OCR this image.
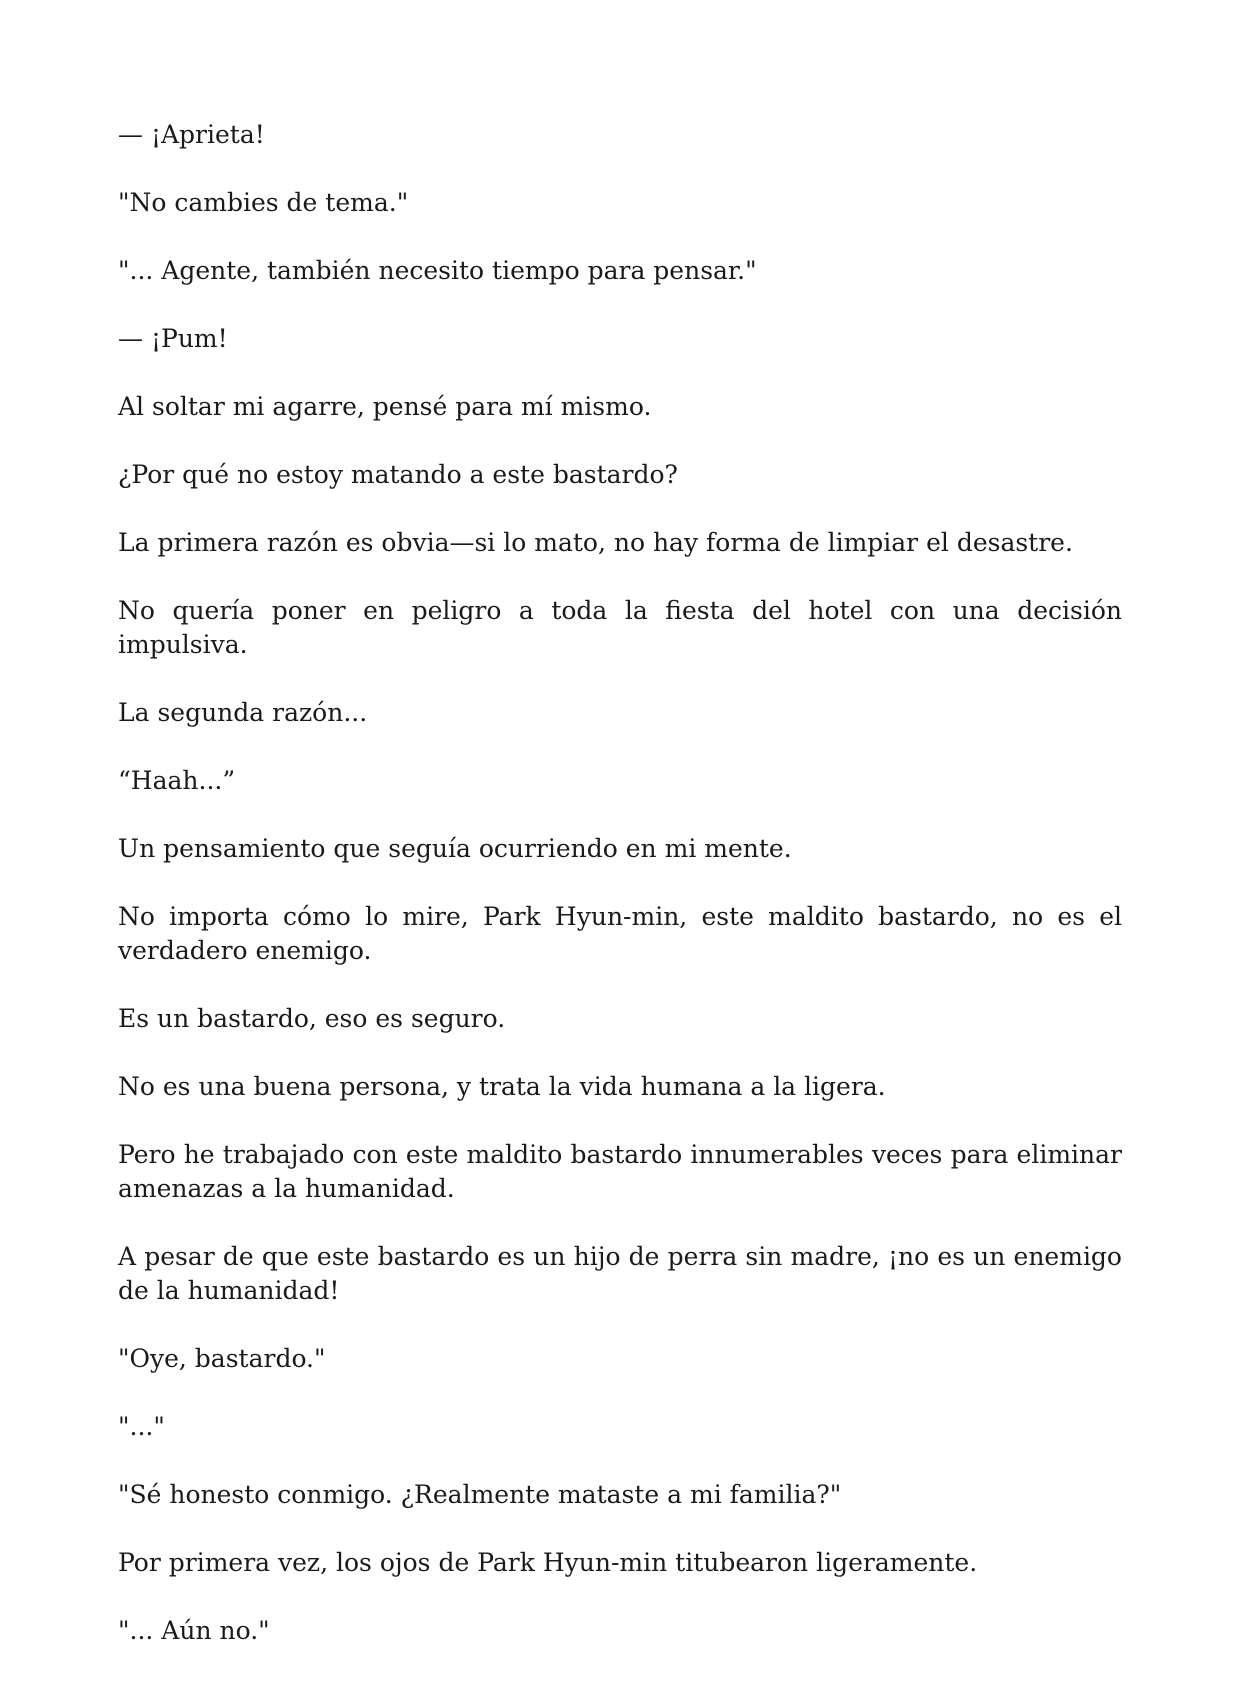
— ¡Aprieta!

"No cambies de tema."

"... Agente, también necesito tiempo para pensar."

— ¡Pum!

Al soltar mi agarre, pensé para mí mismo.

¿Por qué no estoy matando a este bastardo?

La primera razón es obvia—si lo mato, no hay forma de limpiar el desastre.

No quería poner en peligro a toda la fiesta del hotel con una decisión impulsiva.

La segunda razón...

“Haah...”

Un pensamiento que seguía ocurriendo en mi mente.

No importa cómo lo mire, Park Hyun-min, este maldito bastardo, no es el verdadero enemigo.

Es un bastardo, eso es seguro.

No es una buena persona, y trata la vida humana a la ligera.

Pero he trabajado con este maldito bastardo innumerables veces para eliminar amenazas a la humanidad.

A pesar de que este bastardo es un hijo de perra sin madre, ¡no es un enemigo de la humanidad!

"Oye, bastardo."

"..."

"Sé honesto conmigo. ¿Realmente mataste a mi familia?"

Por primera vez, los ojos de Park Hyun-min titubearon ligeramente.

"... Aún no."
